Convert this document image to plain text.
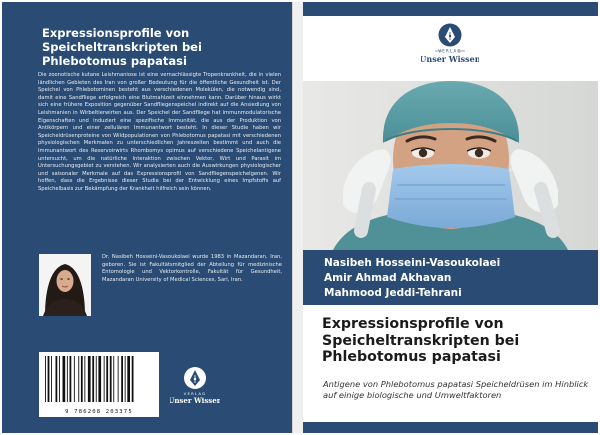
Expressionsprofile von Speicheltranskripten bei Phlebotomus papatasi
Die zoonotische kutane Leishmaniose ist eine vernachlässigte Tropenkrankheit, die in vielen ländlichen Gebieten des Iran von großer Bedeutung für die öffentliche Gesundheit ist. Der Speichel von Phlebotominen besteht aus verschiedenen Molekülen, die notwendig sind, damit eine Sandfliege erfolgreich eine Blutmahlzeit einnehmen kann. Darüber hinaus wirkt sich eine frühere Exposition gegenüber Sandfliegenspeichel indirekt auf die Ansiedlung von Leishmanien in Wirbeltierwirten aus. Der Speichel der Sandfliege hat immunmodulatorische Eigenschaften und induziert eine spezifische Immunität, die aus der Produktion von Antikörpern und einer zellulären Immunantwort besteht. In dieser Studie haben wir Speicheldrüsenproteine von Wildpopulationen von Phlebotomus papatasi mit verschiedenen physiologischen Merkmalen zu unterschiedlichen Jahreszeiten bestimmt und auch die Immunantwort des Reservoirwirts Rhombomys opimus auf verschiedene Speichelantigene untersucht, um die natürliche Interaktion zwischen Vektor, Wirt und Parasit im Untersuchungsgebiet zu verstehen. Wir analysierten auch die Auswirkungen physiologischer und saisonaler Merkmale auf das Expressionsprofil von Sandfliegenspeichelgenen. Wir hoffen, dass die Ergebnisse dieser Studie bei der Entwicklung eines Impfstoffs auf Speichelbasis zur Bekämpfung der Krankheit hilfreich sein können.
Dr. Nasibeh Hosseini-Vasoukolaei wurde 1983 in Mazandaran, Iran, geboren. Sie ist Fakultätsmitglied der Abteilung für medizinische Entomologie und Vektorkontrolle, Fakultät für Gesundheit, Mazandaran University of Medical Sciences, Sari, Iran.
9 786208 203375
VERLAG
Unser Wissen
VERLAG
Unser Wissen
Nasibeh Hosseini-Vasoukolaei
Amir Ahmad Akhavan
Mahmood Jeddi-Tehrani
Expressionsprofile von Speicheltranskripten bei Phlebotomus papatasi
Antigene von Phlebotomus papatasi Speicheldrüsen im Hinblick auf einige biologische und Umweltfaktoren
